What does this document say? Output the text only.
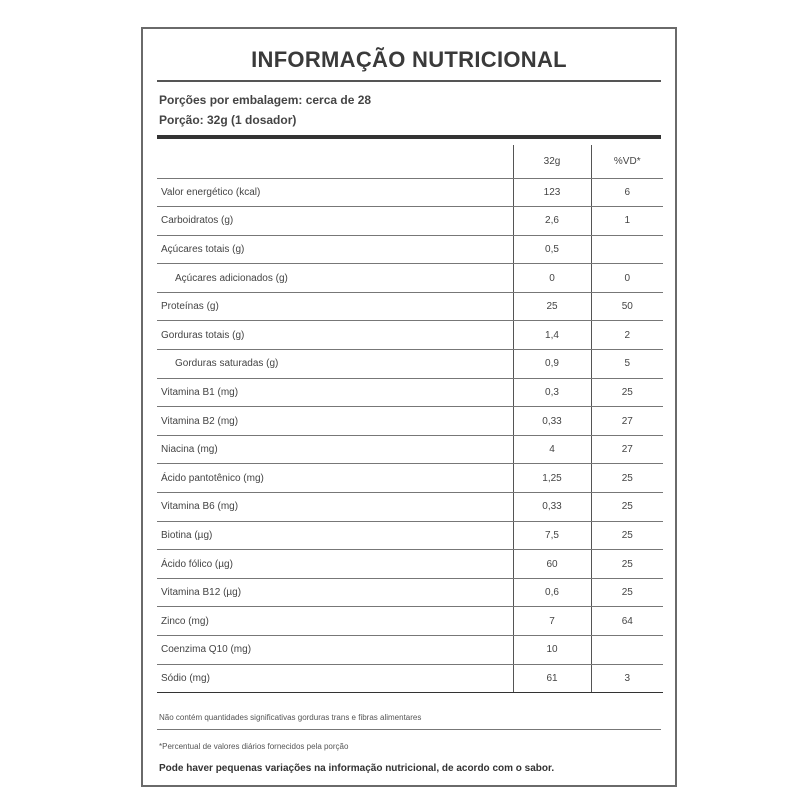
INFORMAÇÃO NUTRICIONAL
Porções por embalagem: cerca de 28
Porção: 32g (1 dosador)
	32g	%VD*
Valor energético (kcal)	123	6
Carboidratos (g)	2,6	1
Açúcares totais (g)	0,5	
Açúcares adicionados (g)	0	0
Proteínas (g)	25	50
Gorduras totais (g)	1,4	2
Gorduras saturadas (g)	0,9	5
Vitamina B1 (mg)	0,3	25
Vitamina B2 (mg)	0,33	27
Niacina (mg)	4	27
Ácido pantotênico (mg)	1,25	25
Vitamina B6 (mg)	0,33	25
Biotina (µg)	7,5	25
Ácido fólico (µg)	60	25
Vitamina B12 (µg)	0,6	25
Zinco (mg)	7	64
Coenzima Q10 (mg)	10	
Sódio (mg)	61	3
Não contém quantidades significativas gorduras trans e fibras alimentares
*Percentual de valores diários fornecidos pela porção
Pode haver pequenas variações na informação nutricional, de acordo com o sabor.
